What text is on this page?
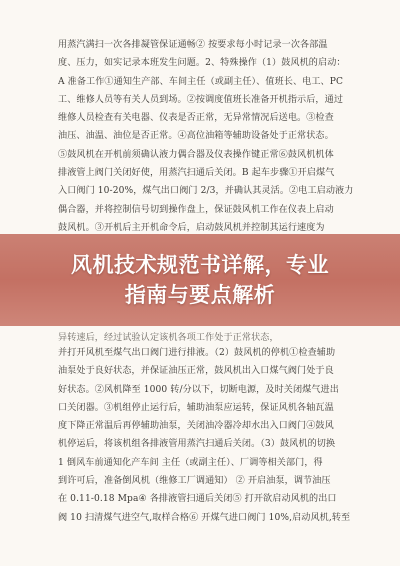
用蒸汽满扫一次各排凝管保证通畅② 按要求每小时记录一次各部温
度、压力，如实记录本班发生问题。2、特殊操作（1）鼓风机的启动：
A 准备工作①通知生产部、车间主任（或副主任）、值班长、电工、PC
工、维修人员等有关人员到场。②按调度值班长准备开机指示后，通过
维修人员检查有关电器、仪表是否正常，无异常情况后送电。③检查
油压、油温、油位是否正常。④高位油箱等辅助设备处于正常状态。
⑤鼓风机在开机前须确认液力偶合器及仪表操作键正常⑥鼓风机机体
排液管上阀门关闭好使，用蒸汽扫通后关闭。B 起车步骤①开启煤气
入口阀门 10-20%，煤气出口阀门 2/3，并确认其灵活。②电工启动液力
偶合器，并将控制信号切到操作盘上，保证鼓风机工作在仪表上启动
鼓风机。③开机后主开机命令后，启动鼓风机并控制其运行速度为
异转速后，经过试验认定该机各项工作处于正常状态，
并打开风机至煤气出口阀门进行排液。（2）鼓风机的停机①检查辅助
油泵处于良好状态，并保证油压正常，鼓风机出入口煤气阀门处于良
好状态。②风机降至 1000 转/分以下，切断电源，及时关闭煤气进出
口关闭器。③机组停止运行后，辅助油泵应运转，保证风机各轴瓦温
度下降正常温后再停辅助油泵，关闭油冷器冷却水出入口阀门④鼓风
机停运后，将该机组各排液管用蒸汽扫通后关闭。（3）鼓风机的切换
1 倒风车前通知化产车间 主任（或副主任）、厂调等相关部门，得
到许可后，准备倒风机（维修工厂调通知） ② 开启油泵，调节油压
在 0.11-0.18 Mpa④ 各排液管扫通后关闭⑤ 打开欲启动风机的出口
阀 10 扫清煤气进空气,取样合格⑥ 开煤气进口阀门 10%,启动风机,转至
风机技术规范书详解，专业
指南与要点解析
